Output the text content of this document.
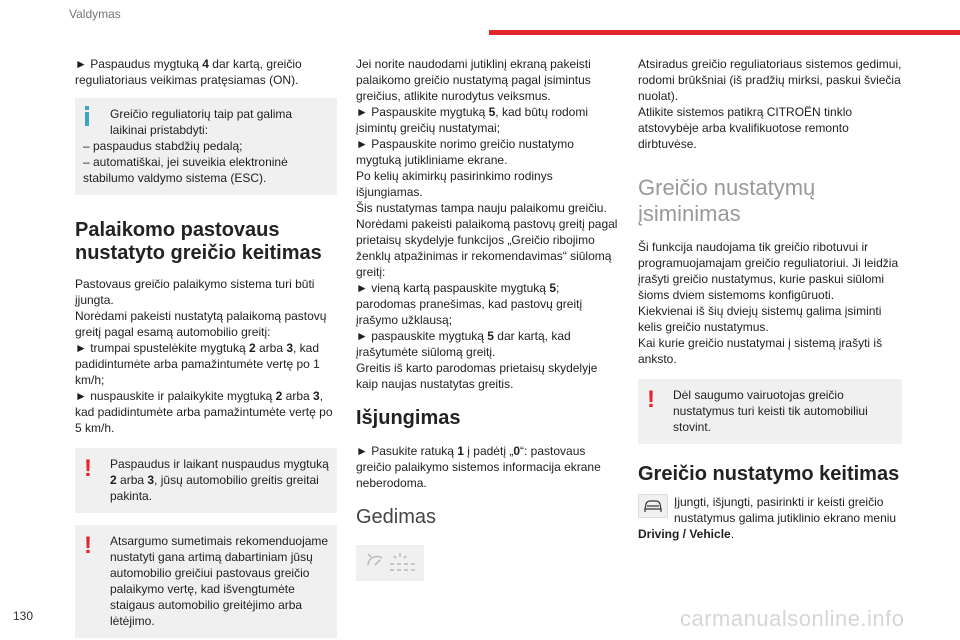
Valdymas

► Paspaudus mygtuką 4 dar kartą, greičio reguliatoriaus veikimas pratęsiamas (ON).

Greičio reguliatorių taip pat galima laikinai pristabdyti:

– paspaudus stabdžių pedalą;

– automatiškai, jei suveikia elektroninė stabilumo valdymo sistema (ESC).

Palaikomo pastovaus nustatyto greičio keitimas

Pastovaus greičio palaikymo sistema turi būti įjungta.

Norėdami pakeisti nustatytą palaikomą pastovų greitį pagal esamą automobilio greitį:

► trumpai spustelėkite mygtuką 2 arba 3, kad padidintumėte arba pamažintumėte vertę po 1 km/h;

► nuspauskite ir palaikykite mygtuką 2 arba 3, kad padidintumėte arba pamažintumėte vertę po 5 km/h.

!	Paspaudus ir laikant nuspaudus mygtuką 2 arba 3, jūsų automobilio greitis greitai pakinta.

!	Atsargumo sumetimais rekomenduojame nustatyti gana artimą dabartiniam jūsų automobilio greičiui pastovaus greičio palaikymo vertę, kad išvengtumėte staigaus automobilio greitėjimo arba lėtėjimo.

Jei norite naudodami jutiklinį ekraną pakeisti palaikomo greičio nustatymą pagal įsimintus greičius, atlikite nurodytus veiksmus.

► Paspauskite mygtuką 5, kad būtų rodomi įsimintų greičių nustatymai;

► Paspauskite norimo greičio nustatymo mygtuką jutikliniame ekrane.

Po kelių akimirkų pasirinkimo rodinys išjungiamas.

Šis nustatymas tampa nauju palaikomu greičiu.

Norėdami pakeisti palaikomą pastovų greitį pagal prietaisų skydelyje funkcijos „Greičio ribojimo ženklų atpažinimas ir rekomendavimas“ siūlomą greitį:

► vieną kartą paspauskite mygtuką 5;

parodomas pranešimas, kad pastovų greitį įrašymo užklausą;

► paspauskite mygtuką 5 dar kartą, kad įrašytumėte siūlomą greitį.

Greitis iš karto parodomas prietaisų skydelyje kaip naujas nustatytas greitis.

Išjungimas

► Pasukite ratuką 1 į padėtį „0“: pastovaus greičio palaikymo sistemos informacija ekrane neberodoma.

Gedimas

Atsiradus greičio reguliatoriaus sistemos gedimui, rodomi brūkšniai (iš pradžių mirksi, paskui šviečia nuolat).

Atlikite sistemos patikrą CITROËN tinklo atstovybėje arba kvalifikuotose remonto dirbtuvėse.

Greičio nustatymų įsiminimas

Ši funkcija naudojama tik greičio ribotuvui ir programuojamajam greičio reguliatoriui. Ji leidžia įrašyti greičio nustatymus, kurie paskui siūlomi šioms dviem sistemoms konfigūruoti.

Kiekvienai iš šių dviejų sistemų galima įsiminti kelis greičio nustatymus.

Kai kurie greičio nustatymai į sistemą įrašyti iš anksto.

!	Dėl saugumo vairuotojas greičio nustatymus turi keisti tik automobiliui stovint.

Greičio nustatymo keitimas
Įjungti, išjungti, pasirinkti ir keisti greičio nustatymus galima jutiklinio ekrano meniu Driving / Vehicle.
130	carmanualsonline.info
